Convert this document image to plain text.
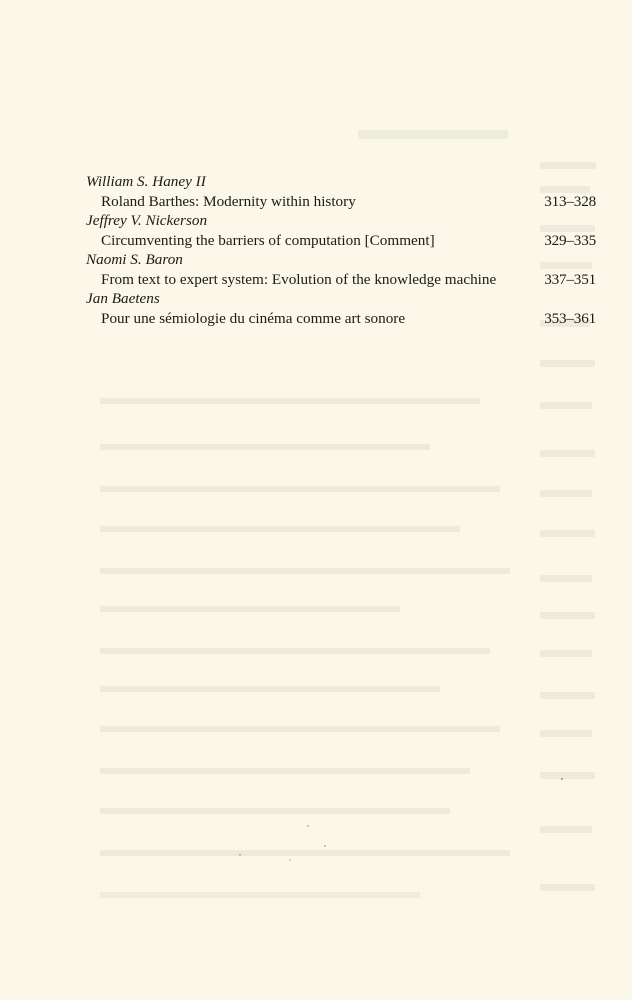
William S. Haney II
Roland Barthes: Modernity within history	313–328
Jeffrey V. Nickerson
Circumventing the barriers of computation [Comment]	329–335
Naomi S. Baron
From text to expert system: Evolution of the knowledge machine	337–351
Jan Baetens
Pour une sémiologie du cinéma comme art sonore	353–361
